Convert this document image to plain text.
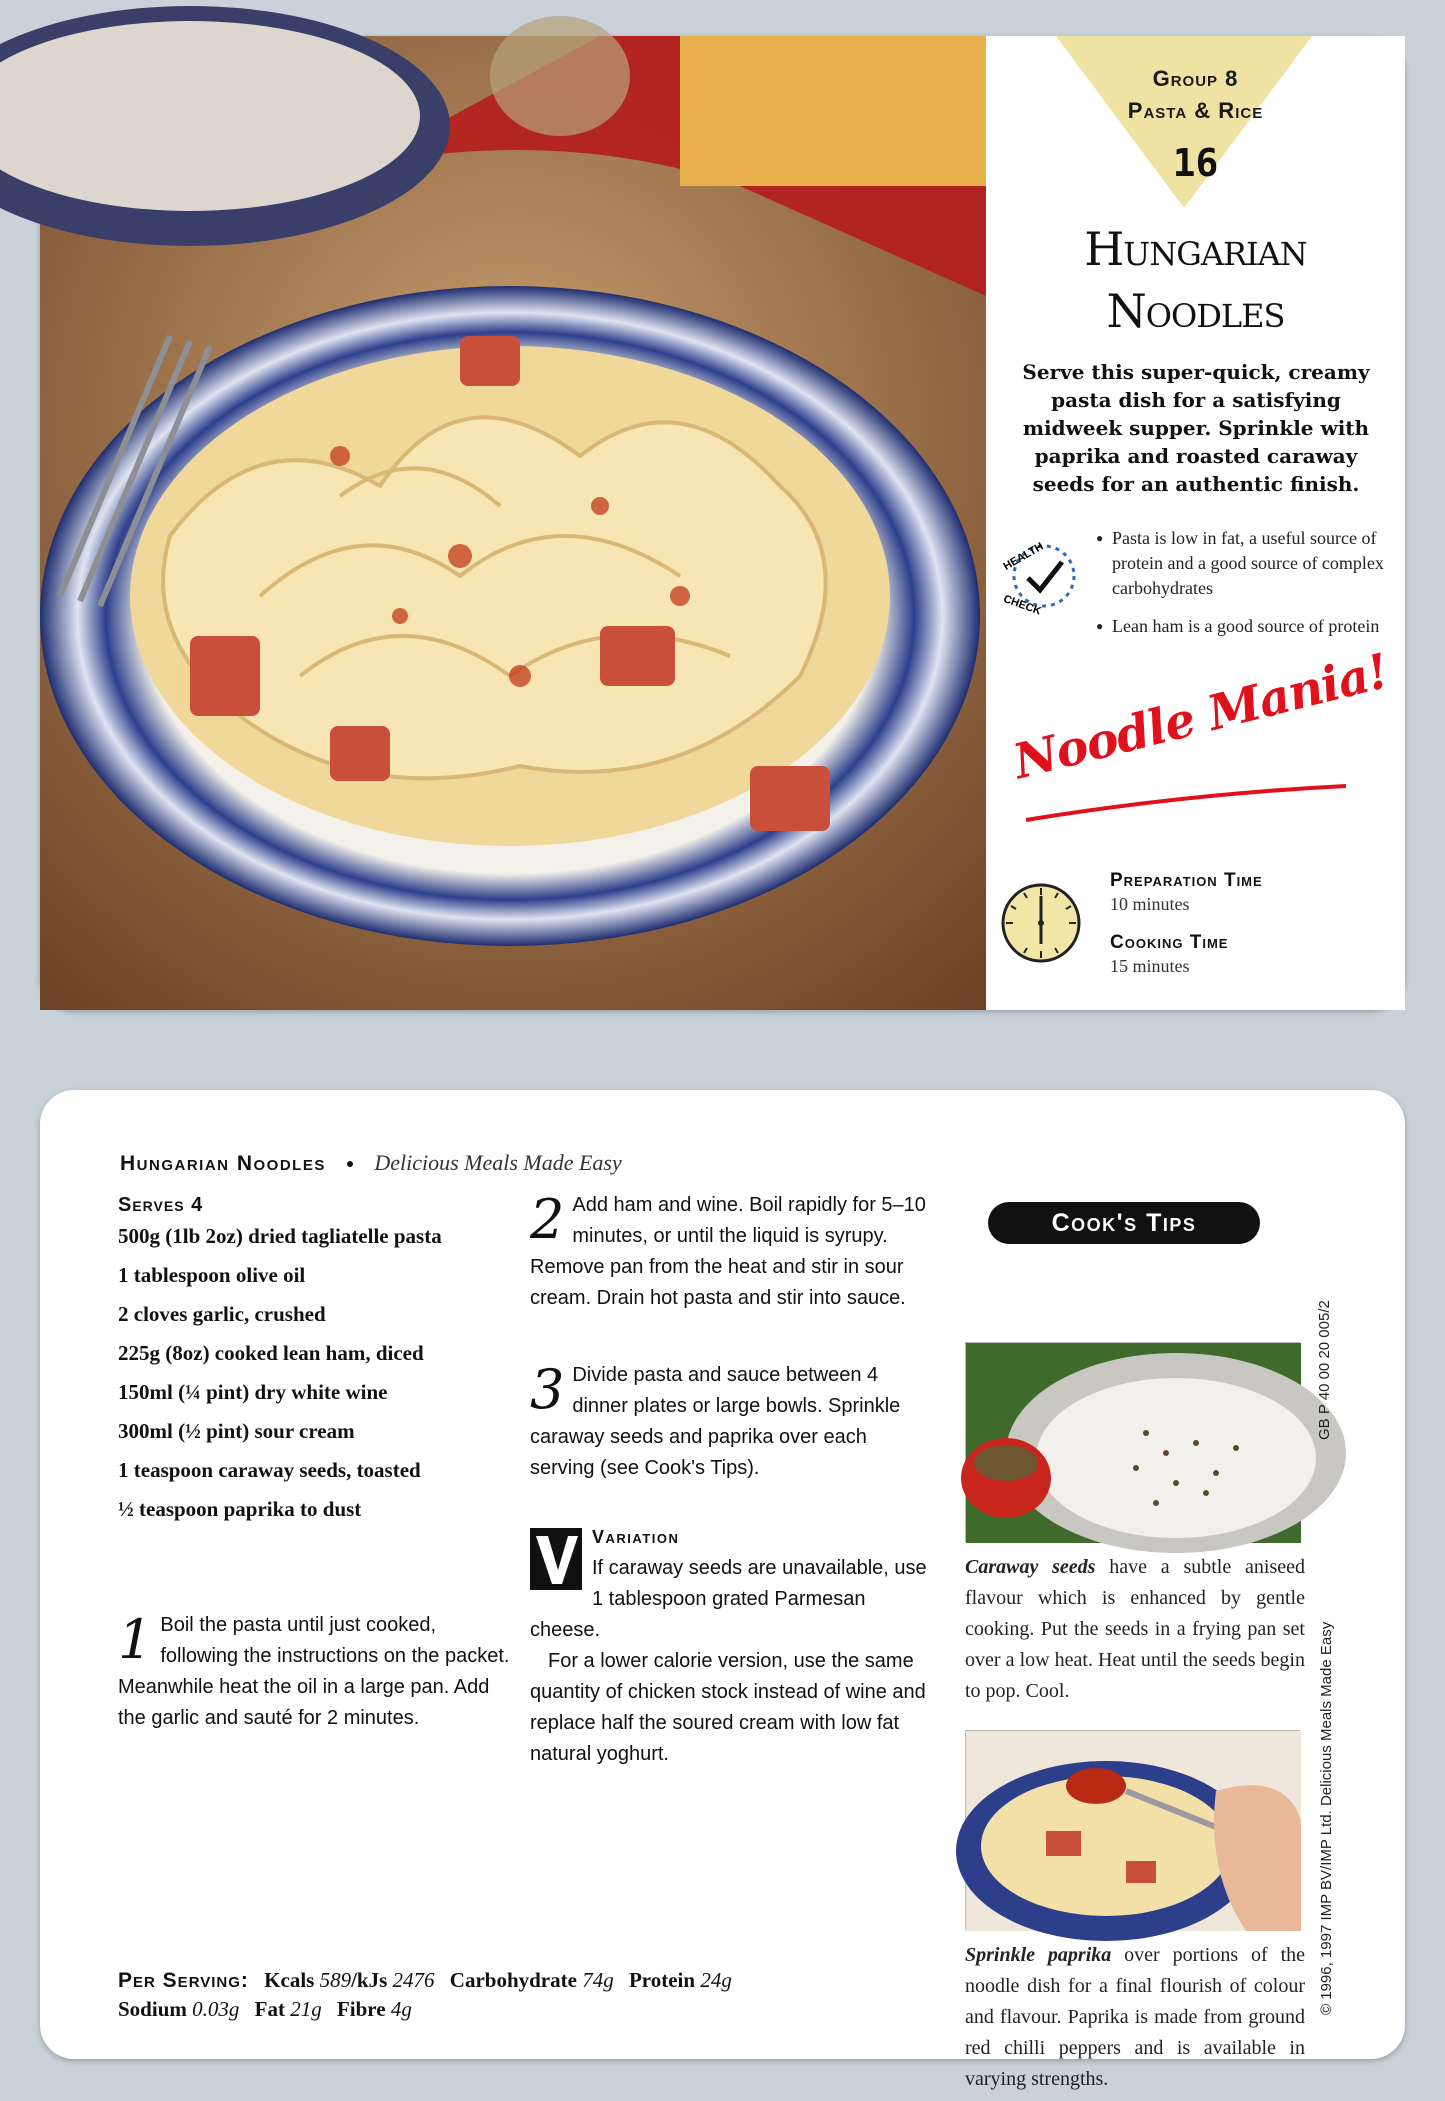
Group 8
Pasta & Rice
16
Hungarian
Noodles
Serve this super-quick, creamy pasta dish for a satisfying midweek supper. Sprinkle with paprika and roasted caraway seeds for an authentic finish.
HEALTH
CHECK
● Pasta is low in fat, a useful source of protein and a good source of complex carbohydrates
● Lean ham is a good source of protein
Noodle Mania!
Preparation Time
10 minutes
Cooking Time
15 minutes
Hungarian Noodles ● Delicious Meals Made Easy
Serves 4
500g (1lb 2oz) dried tagliatelle pasta
1 tablespoon olive oil
2 cloves garlic, crushed
225g (8oz) cooked lean ham, diced
150ml (¼ pint) dry white wine
300ml (½ pint) sour cream
1 teaspoon caraway seeds, toasted
½ teaspoon paprika to dust
1 Boil the pasta until just cooked, following the instructions on the packet. Meanwhile heat the oil in a large pan. Add the garlic and sauté for 2 minutes.
2 Add ham and wine. Boil rapidly for 5–10 minutes, or until the liquid is syrupy. Remove pan from the heat and stir in sour cream. Drain hot pasta and stir into sauce.
3 Divide pasta and sauce between 4 dinner plates or large bowls. Sprinkle caraway seeds and paprika over each serving (see Cook's Tips).
Variation

If caraway seeds are unavailable, use 1 tablespoon grated Parmesan cheese.

For a lower calorie version, use the same quantity of chicken stock instead of wine and replace half the soured cream with low fat natural yoghurt.

Per Serving: Kcals 589/kJs 2476 Carbohydrate 74g Protein 24g
Sodium 0.03g Fat 21g Fibre 4g
Cook's Tips
Caraway seeds have a subtle aniseed flavour which is enhanced by gentle cooking. Put the seeds in a frying pan set over a low heat. Heat until the seeds begin to pop. Cool.
Sprinkle paprika over portions of the noodle dish for a final flourish of colour and flavour. Paprika is made from ground red chilli peppers and is available in varying strengths.
GB P 40 00 20 005/2
© 1996, 1997 IMP BV/IMP Ltd. Delicious Meals Made Easy
